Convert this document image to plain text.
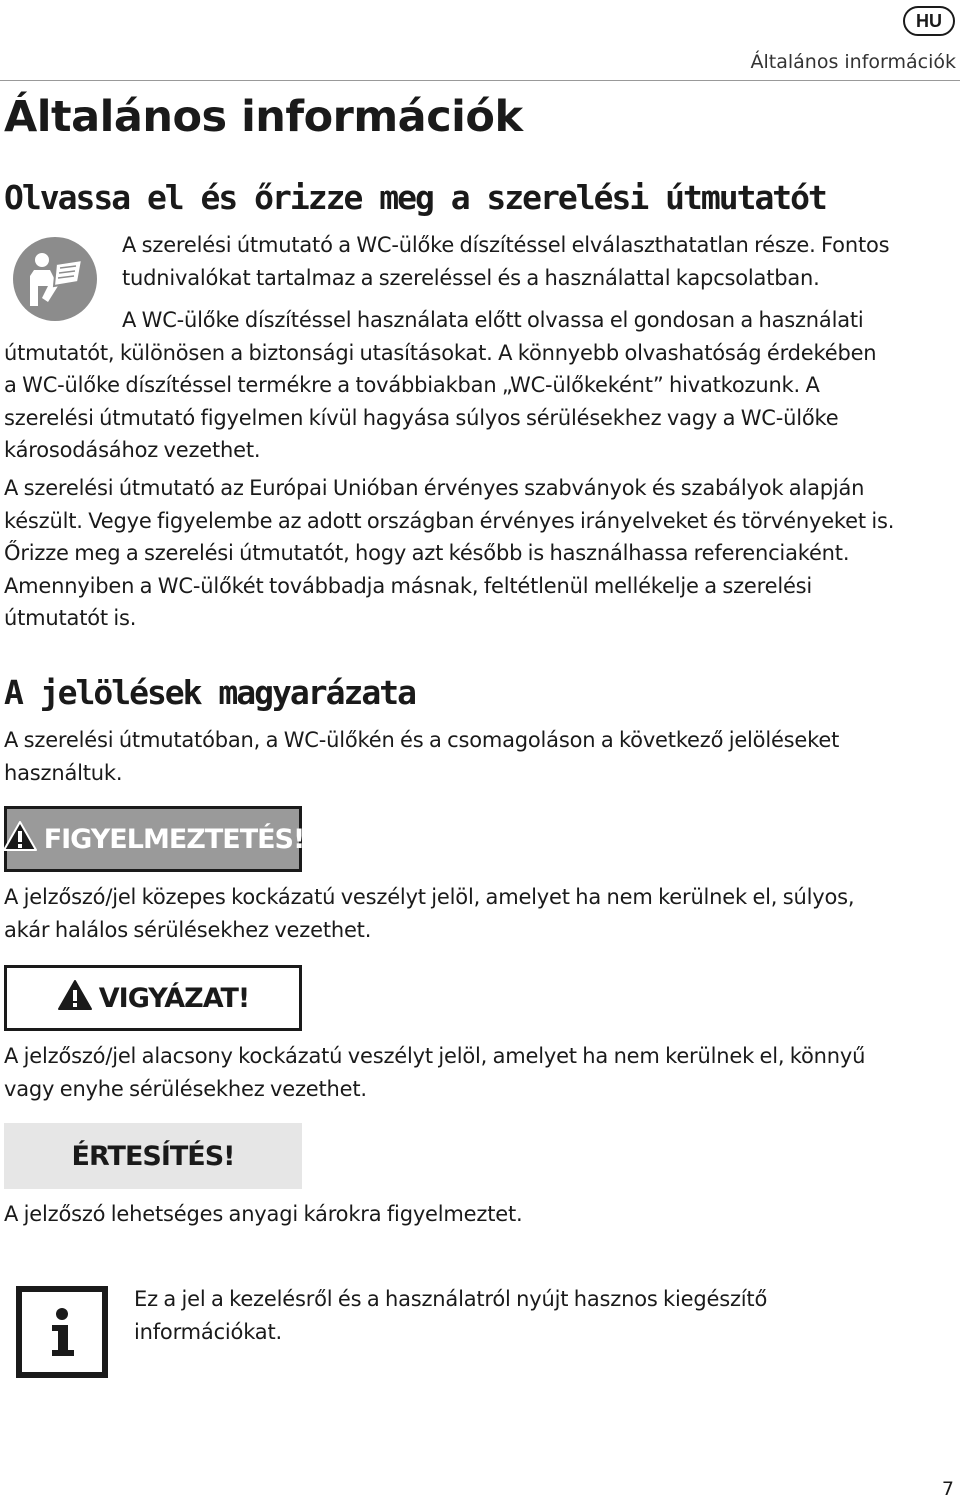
HU
Általános információk
Általános információk
Olvassa el és őrizze meg a szerelési útmutatót

A szerelési útmutató a WC-ülőke díszítéssel elválaszthatatlan része. Fontos

tudnivalókat tartalmaz a szereléssel és a használattal kapcsolatban.

A WC-ülőke díszítéssel használata előtt olvassa el gondosan a használati

útmutatót, különösen a biztonsági utasításokat. A könnyebb olvashatóság érdekében

a WC-ülőke díszítéssel termékre a továbbiakban „WC-ülőkeként” hivatkozunk. A

szerelési útmutató figyelmen kívül hagyása súlyos sérülésekhez vagy a WC-ülőke

károsodásához vezethet.

A szerelési útmutató az Európai Unióban érvényes szabványok és szabályok alapján

készült. Vegye figyelembe az adott országban érvényes irányelveket és törvényeket is.

Őrizze meg a szerelési útmutatót, hogy azt később is használhassa referenciaként.

Amennyiben a WC-ülőkét továbbadja másnak, feltétlenül mellékelje a szerelési

útmutatót is.

A jelölések magyarázata

A szerelési útmutatóban, a WC-ülőkén és a csomagoláson a következő jelöléseket

használtuk.

FIGYELMEZTETÉS!

A jelzőszó/jel közepes kockázatú veszélyt jelöl, amelyet ha nem kerülnek el, súlyos,

akár halálos sérülésekhez vezethet.

VIGYÁZAT!

A jelzőszó/jel alacsony kockázatú veszélyt jelöl, amelyet ha nem kerülnek el, könnyű

vagy enyhe sérülésekhez vezethet.

ÉRTESÍTÉS!

A jelzőszó lehetséges anyagi károkra figyelmeztet.

Ez a jel a kezelésről és a használatról nyújt hasznos kiegészítő

információkat.

7
